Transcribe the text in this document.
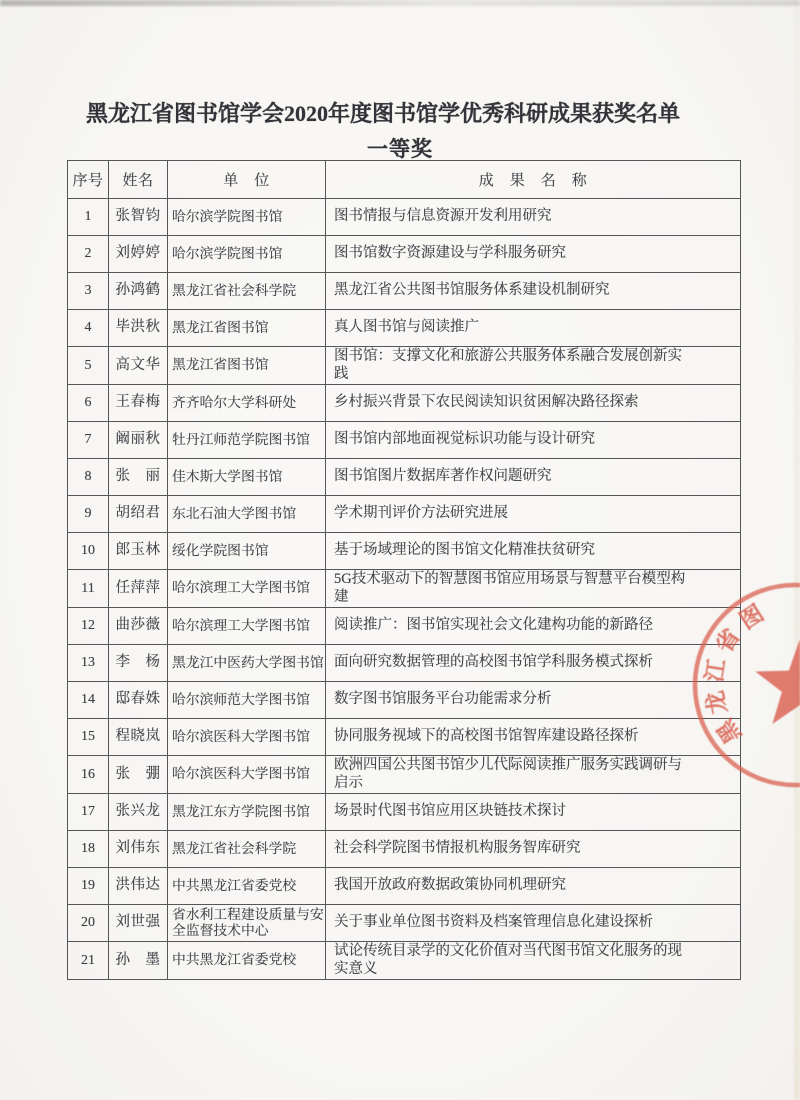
黑龙江省图书馆学会2020年度图书馆学优秀科研成果获奖名单
一等奖
序号	姓名	单　位	成　果　名　称
1	张智钧	哈尔滨学院图书馆	图书情报与信息资源开发利用研究
2	刘婷婷	哈尔滨学院图书馆	图书馆数字资源建设与学科服务研究
3	孙鸿鹤	黑龙江省社会科学院	黑龙江省公共图书馆服务体系建设机制研究
4	毕洪秋	黑龙江省图书馆	真人图书馆与阅读推广
5	高文华	黑龙江省图书馆	图书馆：支撑文化和旅游公共服务体系融合发展创新实践
6	王春梅	齐齐哈尔大学科研处	乡村振兴背景下农民阅读知识贫困解决路径探索
7	阚丽秋	牡丹江师范学院图书馆	图书馆内部地面视觉标识功能与设计研究
8	张　丽	佳木斯大学图书馆	图书馆图片数据库著作权问题研究
9	胡绍君	东北石油大学图书馆	学术期刊评价方法研究进展
10	郎玉林	绥化学院图书馆	基于场域理论的图书馆文化精准扶贫研究
11	任萍萍	哈尔滨理工大学图书馆	5G技术驱动下的智慧图书馆应用场景与智慧平台模型构建
12	曲莎薇	哈尔滨理工大学图书馆	阅读推广：图书馆实现社会文化建构功能的新路径
13	李　杨	黑龙江中医药大学图书馆	面向研究数据管理的高校图书馆学科服务模式探析
14	邸春姝	哈尔滨师范大学图书馆	数字图书馆服务平台功能需求分析
15	程晓岚	哈尔滨医科大学图书馆	协同服务视域下的高校图书馆智库建设路径探析
16	张　弸	哈尔滨医科大学图书馆	欧洲四国公共图书馆少儿代际阅读推广服务实践调研与启示
17	张兴龙	黑龙江东方学院图书馆	场景时代图书馆应用区块链技术探讨
18	刘伟东	黑龙江省社会科学院	社会科学院图书情报机构服务智库研究
19	洪伟达	中共黑龙江省委党校	我国开放政府数据政策协同机理研究
20	刘世强	省水利工程建设质量与安全监督技术中心	关于事业单位图书资料及档案管理信息化建设探析
21	孙　墨	中共黑龙江省委党校	试论传统目录学的文化价值对当代图书馆文化服务的现实意义
黑
龙
江
省
图
